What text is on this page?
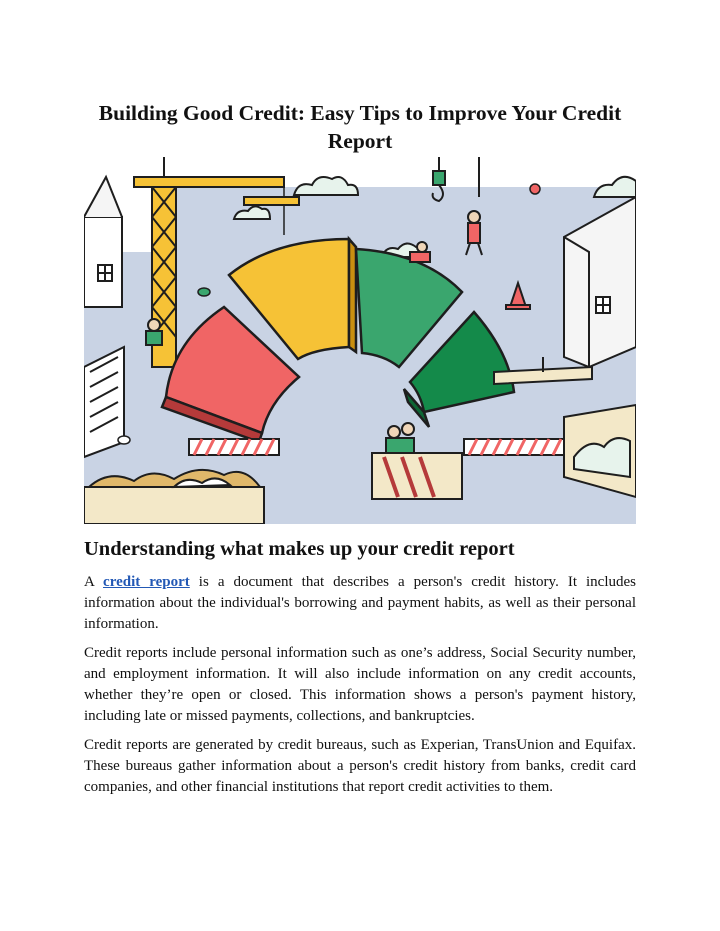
Building Good Credit: Easy Tips to Improve Your Credit Report
Understanding what makes up your credit report

A credit report is a document that describes a person's credit history. It includes information about the individual's borrowing and payment habits, as well as their personal information.

Credit reports include personal information such as one’s address, Social Security number, and employment information. It will also include information on any credit accounts, whether they’re open or closed. This information shows a person's payment history, including late or missed payments, collections, and bankruptcies.

Credit reports are generated by credit bureaus, such as Experian, TransUnion and Equifax. These bureaus gather information about a person's credit history from banks, credit card companies, and other financial institutions that report credit activities to them.
